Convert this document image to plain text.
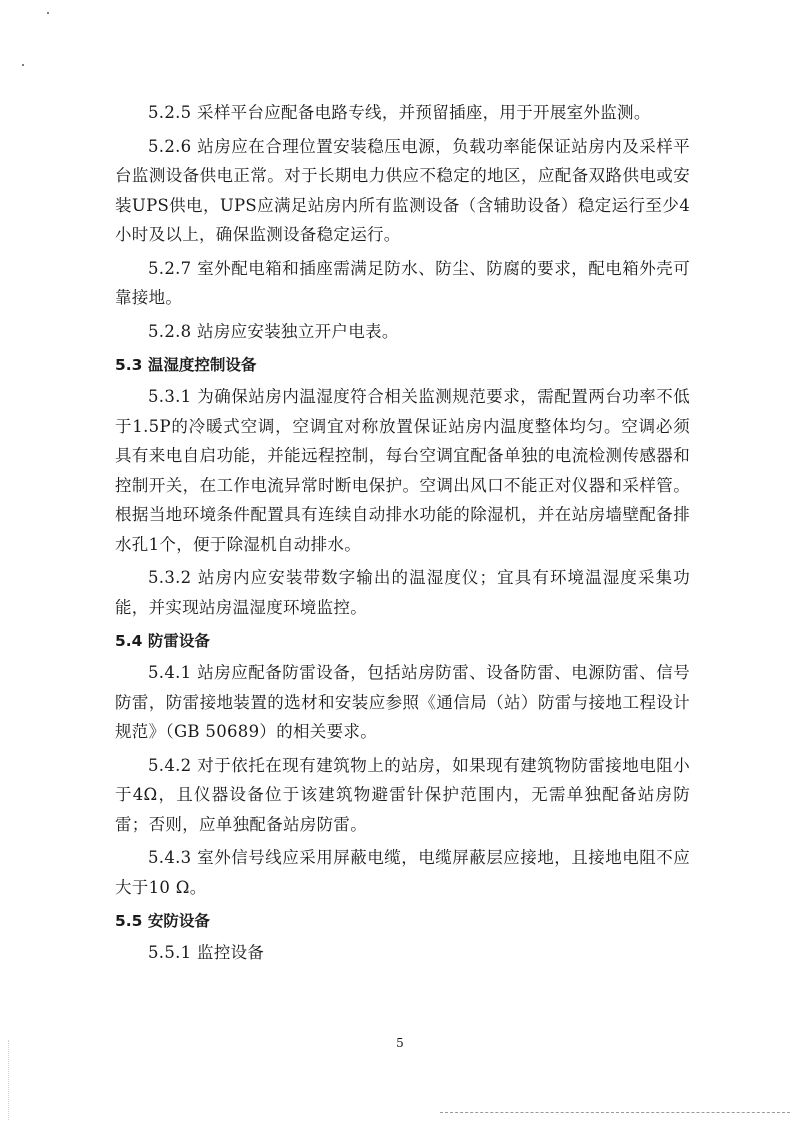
5.2.5 采样平台应配备电路专线，并预留插座，用于开展室外监测。

5.2.6 站房应在合理位置安装稳压电源，负载功率能保证站房内及采样平台监测设备供电正常。对于长期电力供应不稳定的地区，应配备双路供电或安装UPS供电，UPS应满足站房内所有监测设备（含辅助设备）稳定运行至少4小时及以上，确保监测设备稳定运行。

5.2.7 室外配电箱和插座需满足防水、防尘、防腐的要求，配电箱外壳可靠接地。

5.2.8 站房应安装独立开户电表。

5.3 温湿度控制设备

5.3.1 为确保站房内温湿度符合相关监测规范要求，需配置两台功率不低于1.5P的冷暖式空调，空调宜对称放置保证站房内温度整体均匀。空调必须具有来电自启功能，并能远程控制，每台空调宜配备单独的电流检测传感器和控制开关，在工作电流异常时断电保护。空调出风口不能正对仪器和采样管。根据当地环境条件配置具有连续自动排水功能的除湿机，并在站房墙壁配备排水孔1个，便于除湿机自动排水。

5.3.2 站房内应安装带数字输出的温湿度仪；宜具有环境温湿度采集功能，并实现站房温湿度环境监控。

5.4 防雷设备

5.4.1 站房应配备防雷设备，包括站房防雷、设备防雷、电源防雷、信号防雷，防雷接地装置的选材和安装应参照《通信局（站）防雷与接地工程设计规范》（GB 50689）的相关要求。

5.4.2 对于依托在现有建筑物上的站房，如果现有建筑物防雷接地电阻小于4Ω，且仪器设备位于该建筑物避雷针保护范围内，无需单独配备站房防雷；否则，应单独配备站房防雷。

5.4.3 室外信号线应采用屏蔽电缆，电缆屏蔽层应接地，且接地电阻不应大于10 Ω。

5.5 安防设备

5.5.1 监控设备

5
